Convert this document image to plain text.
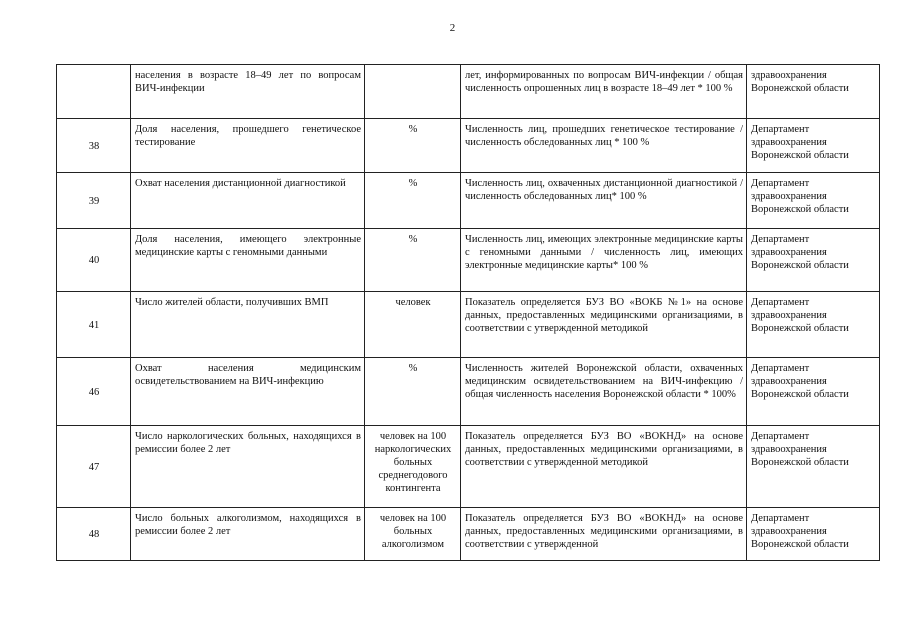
2

	населения в возрасте 18–49 лет по вопросам ВИЧ-инфекции		лет, информированных по вопросам ВИЧ-инфекции / общая численность опрошенных лиц в возрасте 18–49 лет * 100 %	здравоохранения Воронежской области

38	Доля населения, прошедшего генетическое тестирование	%	Численность лиц, прошедших генетическое тестирование / численность обследованных лиц * 100 %	Департамент здравоохранения Воронежской области

39	Охват населения дистанционной диагностикой	%	Численность лиц, охваченных дистанционной диагностикой / численность обследованных лиц* 100 %	Департамент здравоохранения Воронежской области

40	Доля населения, имеющего электронные медицинские карты с геномными данными	%	Численность лиц, имеющих электронные медицинские карты с геномными данными / численность лиц, имеющих электронные медицинские карты* 100 %	Департамент здравоохранения Воронежской области

41	Число жителей области, получивших ВМП	человек	Показатель определяется БУЗ ВО «ВОКБ №1» на основе данных, предоставленных медицинскими организациями, в соответствии с утвержденной методикой	Департамент здравоохранения Воронежской области

46	Охват населения медицинским освидетельствованием на ВИЧ-инфекцию	%	Численность жителей Воронежской области, охваченных медицинским освидетельствованием на ВИЧ-инфекцию / общая численность населения Воронежской области * 100%	Департамент здравоохранения Воронежской области

47	Число наркологических больных, находящихся в ремиссии более 2 лет	человек на 100 наркологических больных среднегодового контингента	Показатель определяется БУЗ ВО «ВОКНД» на основе данных, предоставленных медицинскими организациями, в соответствии с утвержденной методикой	Департамент здравоохранения Воронежской области

48	Число больных алкоголизмом, находящихся в ремиссии более 2 лет	человек на 100 больных алкоголизмом	Показатель определяется БУЗ ВО «ВОКНД» на основе данных, предоставленных медицинскими организациями, в соответствии с утвержденной	Департамент здравоохранения Воронежской области
